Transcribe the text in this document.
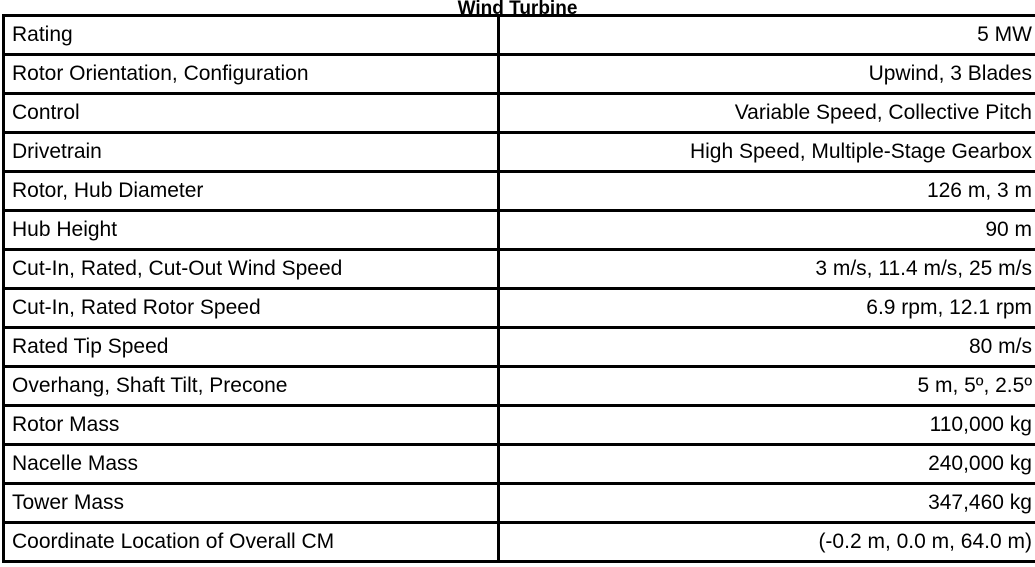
Wind Turbine
Rating	5 MW
Rotor Orientation, Configuration	Upwind, 3 Blades
Control	Variable Speed, Collective Pitch
Drivetrain	High Speed, Multiple-Stage Gearbox
Rotor, Hub Diameter	126 m, 3 m
Hub Height	90 m
Cut-In, Rated, Cut-Out Wind Speed	3 m/s, 11.4 m/s, 25 m/s
Cut-In, Rated Rotor Speed	6.9 rpm, 12.1 rpm
Rated Tip Speed	80 m/s
Overhang, Shaft Tilt, Precone	5 m, 5º, 2.5º
Rotor Mass	110,000 kg
Nacelle Mass	240,000 kg
Tower Mass	347,460 kg
Coordinate Location of Overall CM	(-0.2 m, 0.0 m, 64.0 m)
